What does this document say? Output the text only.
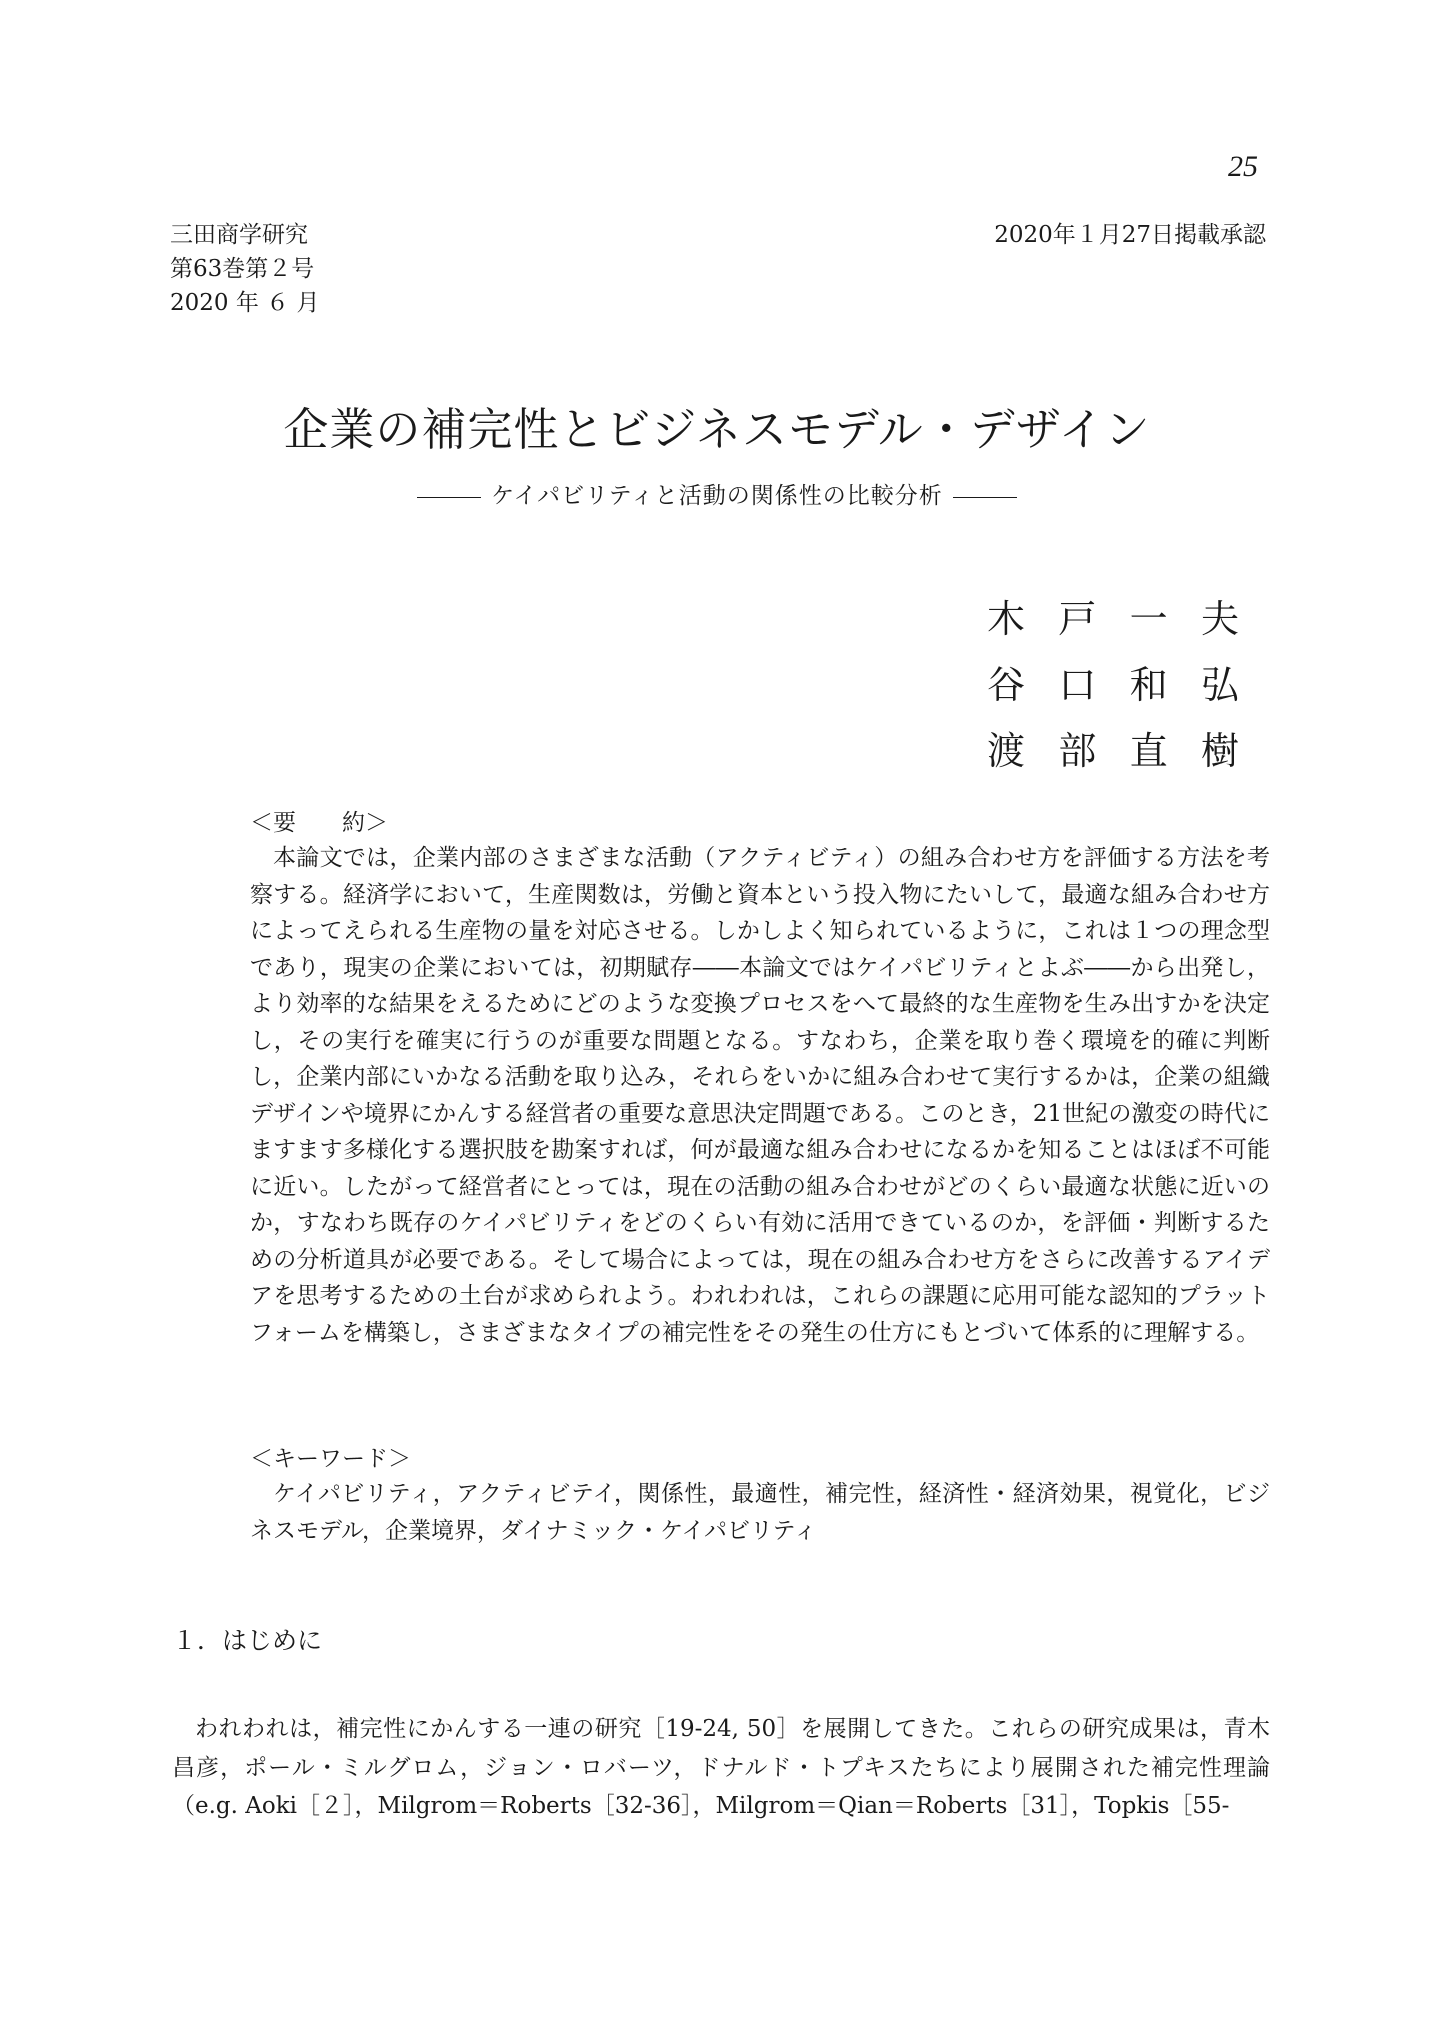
25
三田商学研究
第63巻第２号
2020 年 ６ 月
2020年１月27日掲載承認
企業の補完性とビジネスモデル・デザイン
ケイパビリティと活動の関係性の比較分析
木 戸 一 夫
谷 口 和 弘
渡 部 直 樹
＜要　　約＞

本論文では，企業内部のさまざまな活動（アクティビティ）の組み合わせ方を評価する方法を考察する。経済学において，生産関数は，労働と資本という投入物にたいして，最適な組み合わせ方によってえられる生産物の量を対応させる。しかしよく知られているように，これは１つの理念型であり，現実の企業においては，初期賦存――本論文ではケイパビリティとよぶ――から出発し，より効率的な結果をえるためにどのような変換プロセスをへて最終的な生産物を生み出すかを決定し，その実行を確実に行うのが重要な問題となる。すなわち，企業を取り巻く環境を的確に判断し，企業内部にいかなる活動を取り込み，それらをいかに組み合わせて実行するかは，企業の組織デザインや境界にかんする経営者の重要な意思決定問題である。このとき，21世紀の激変の時代にますます多様化する選択肢を勘案すれば，何が最適な組み合わせになるかを知ることはほぼ不可能に近い。したがって経営者にとっては，現在の活動の組み合わせがどのくらい最適な状態に近いのか，すなわち既存のケイパビリティをどのくらい有効に活用できているのか，を評価・判断するための分析道具が必要である。そして場合によっては，現在の組み合わせ方をさらに改善するアイデアを思考するための土台が求められよう。われわれは，これらの課題に応用可能な認知的プラットフォームを構築し，さまざまなタイプの補完性をその発生の仕方にもとづいて体系的に理解する。

＜キーワード＞

ケイパビリティ，アクティビテイ，関係性，最適性，補完性，経済性・経済効果，視覚化，ビジネスモデル，企業境界，ダイナミック・ケイパビリティ

１．はじめに

われわれは，補完性にかんする一連の研究［19-24, 50］を展開してきた。これらの研究成果は，青木昌彦，ポール・ミルグロム，ジョン・ロバーツ，ドナルド・トプキスたちにより展開された補完性理論（e.g. Aoki［２］，Milgrom＝Roberts［32-36］，Milgrom＝Qian＝Roberts［31］，Topkis［55-
